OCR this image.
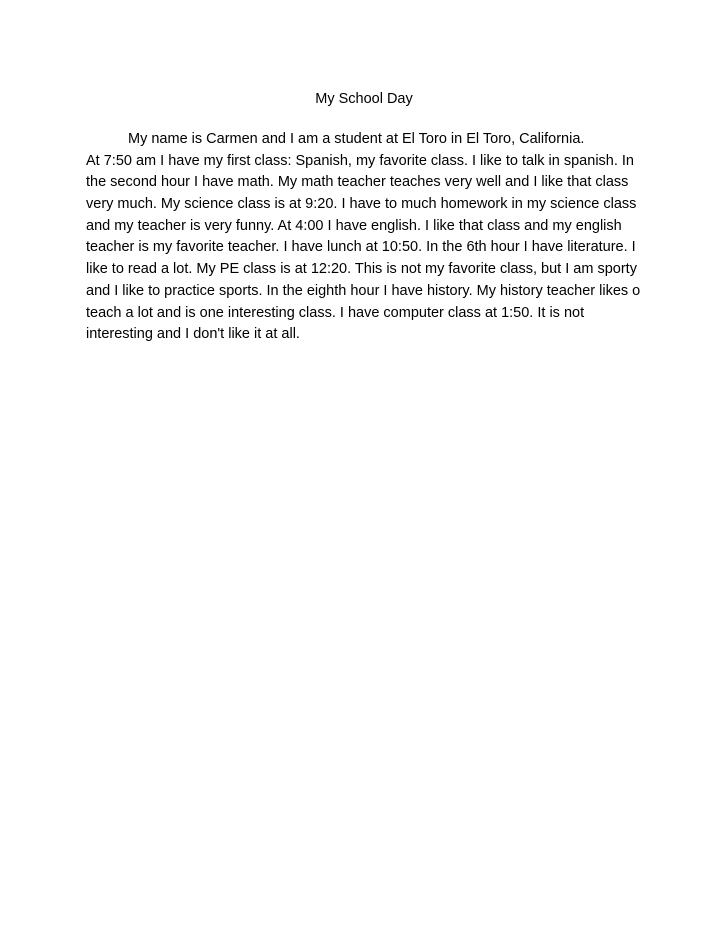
My School Day
My name is Carmen and I am a student at El Toro in El Toro, California.
At 7:50 am I have my first class: Spanish, my favorite class. I like to talk in spanish. In
the second hour I have math. My math teacher teaches very well and I like that class
very much. My science class is at 9:20. I have to much homework in my science class
and my teacher is very funny. At 4:00 I have english. I like that class and my english
teacher is my favorite teacher. I have lunch at 10:50. In the 6th hour I have literature. I
like to read a lot. My PE class is at 12:20. This is not my favorite class, but I am sporty
and I like to practice sports. In the eighth hour I have history. My history teacher likes o
teach a lot and is one interesting class. I have computer class at 1:50. It is not
interesting and I don't like it at all.
